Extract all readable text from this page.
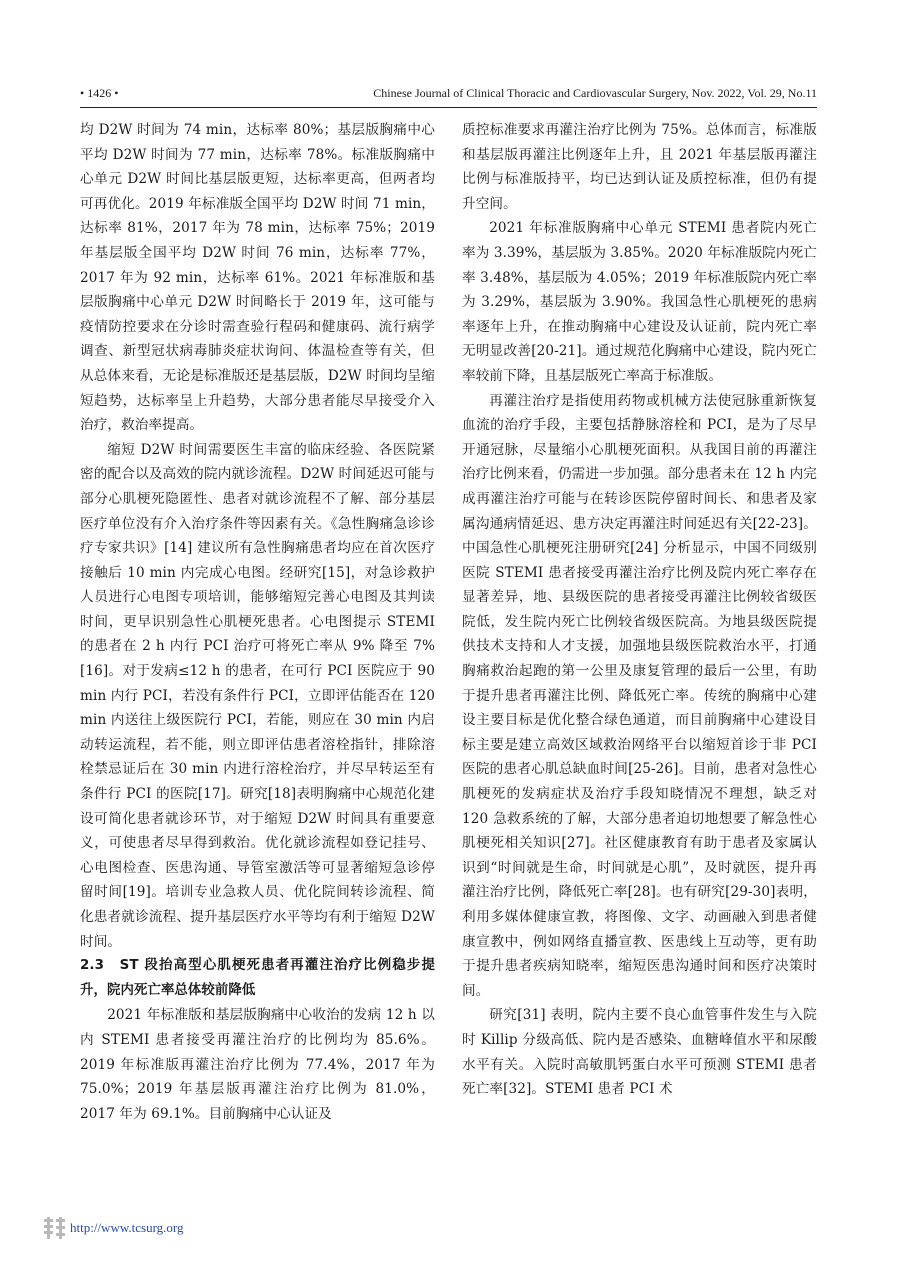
• 1426 •	Chinese Journal of Clinical Thoracic and Cardiovascular Surgery, Nov. 2022, Vol. 29, No.11

均 D2W 时间为 74 min，达标率 80%；基层版胸痛中心平均 D2W 时间为 77 min，达标率 78%。标准版胸痛中心单元 D2W 时间比基层版更短，达标率更高，但两者均可再优化。2019 年标准版全国平均 D2W 时间 71 min，达标率 81%，2017 年为 78 min，达标率 75%；2019 年基层版全国平均 D2W 时间 76 min，达标率 77%，2017 年为 92 min，达标率 61%。2021 年标准版和基层版胸痛中心单元 D2W 时间略长于 2019 年，这可能与疫情防控要求在分诊时需查验行程码和健康码、流行病学调查、新型冠状病毒肺炎症状询问、体温检查等有关，但从总体来看，无论是标准版还是基层版，D2W 时间均呈缩短趋势，达标率呈上升趋势，大部分患者能尽早接受介入治疗，救治率提高。

缩短 D2W 时间需要医生丰富的临床经验、各医院紧密的配合以及高效的院内就诊流程。D2W 时间延迟可能与部分心肌梗死隐匿性、患者对就诊流程不了解、部分基层医疗单位没有介入治疗条件等因素有关。《急性胸痛急诊诊疗专家共识》[14] 建议所有急性胸痛患者均应在首次医疗接触后 10 min 内完成心电图。经研究[15]，对急诊救护人员进行心电图专项培训，能够缩短完善心电图及其判读时间，更早识别急性心肌梗死患者。心电图提示 STEMI 的患者在 2 h 内行 PCI 治疗可将死亡率从 9% 降至 7%[16]。对于发病≤12 h 的患者，在可行 PCI 医院应于 90 min 内行 PCI，若没有条件行 PCI，立即评估能否在 120 min 内送往上级医院行 PCI，若能，则应在 30 min 内启动转运流程，若不能，则立即评估患者溶栓指针，排除溶栓禁忌证后在 30 min 内进行溶栓治疗，并尽早转运至有条件行 PCI 的医院[17]。研究[18]表明胸痛中心规范化建设可简化患者就诊环节，对于缩短 D2W 时间具有重要意义，可使患者尽早得到救治。优化就诊流程如登记挂号、心电图检查、医患沟通、导管室激活等可显著缩短急诊停留时间[19]。培训专业急救人员、优化院间转诊流程、简化患者就诊流程、提升基层医疗水平等均有利于缩短 D2W 时间。

2.3　ST 段抬高型心肌梗死患者再灌注治疗比例稳步提升，院内死亡率总体较前降低

2021 年标准版和基层版胸痛中心收治的发病 12 h 以内 STEMI 患者接受再灌注治疗的比例均为 85.6%。2019 年标准版再灌注治疗比例为 77.4%，2017 年为 75.0%；2019 年基层版再灌注治疗比例为 81.0%，2017 年为 69.1%。目前胸痛中心认证及

质控标准要求再灌注治疗比例为 75%。总体而言，标准版和基层版再灌注比例逐年上升，且 2021 年基层版再灌注比例与标准版持平，均已达到认证及质控标准，但仍有提升空间。

2021 年标准版胸痛中心单元 STEMI 患者院内死亡率为 3.39%，基层版为 3.85%。2020 年标准版院内死亡率 3.48%，基层版为 4.05%；2019 年标准版院内死亡率为 3.29%，基层版为 3.90%。我国急性心肌梗死的患病率逐年上升，在推动胸痛中心建设及认证前，院内死亡率无明显改善[20-21]。通过规范化胸痛中心建设，院内死亡率较前下降，且基层版死亡率高于标准版。

再灌注治疗是指使用药物或机械方法使冠脉重新恢复血流的治疗手段，主要包括静脉溶栓和 PCI，是为了尽早开通冠脉，尽量缩小心肌梗死面积。从我国目前的再灌注治疗比例来看，仍需进一步加强。部分患者未在 12 h 内完成再灌注治疗可能与在转诊医院停留时间长、和患者及家属沟通病情延迟、患方决定再灌注时间延迟有关[22-23]。中国急性心肌梗死注册研究[24] 分析显示，中国不同级别医院 STEMI 患者接受再灌注治疗比例及院内死亡率存在显著差异，地、县级医院的患者接受再灌注比例较省级医院低，发生院内死亡比例较省级医院高。为地县级医院提供技术支持和人才支援，加强地县级医院救治水平，打通胸痛救治起跑的第一公里及康复管理的最后一公里，有助于提升患者再灌注比例、降低死亡率。传统的胸痛中心建设主要目标是优化整合绿色通道，而目前胸痛中心建设目标主要是建立高效区域救治网络平台以缩短首诊于非 PCI 医院的患者心肌总缺血时间[25-26]。目前，患者对急性心肌梗死的发病症状及治疗手段知晓情况不理想，缺乏对 120 急救系统的了解，大部分患者迫切地想要了解急性心肌梗死相关知识[27]。社区健康教育有助于患者及家属认识到“时间就是生命，时间就是心肌”，及时就医，提升再灌注治疗比例，降低死亡率[28]。也有研究[29-30]表明，利用多媒体健康宣教，将图像、文字、动画融入到患者健康宣教中，例如网络直播宣教、医患线上互动等，更有助于提升患者疾病知晓率，缩短医患沟通时间和医疗决策时间。

研究[31] 表明，院内主要不良心血管事件发生与入院时 Killip 分级高低、院内是否感染、血糖峰值水平和尿酸水平有关。入院时高敏肌钙蛋白水平可预测 STEMI 患者死亡率[32]。STEMI 患者 PCI 术

http://www.tcsurg.org
